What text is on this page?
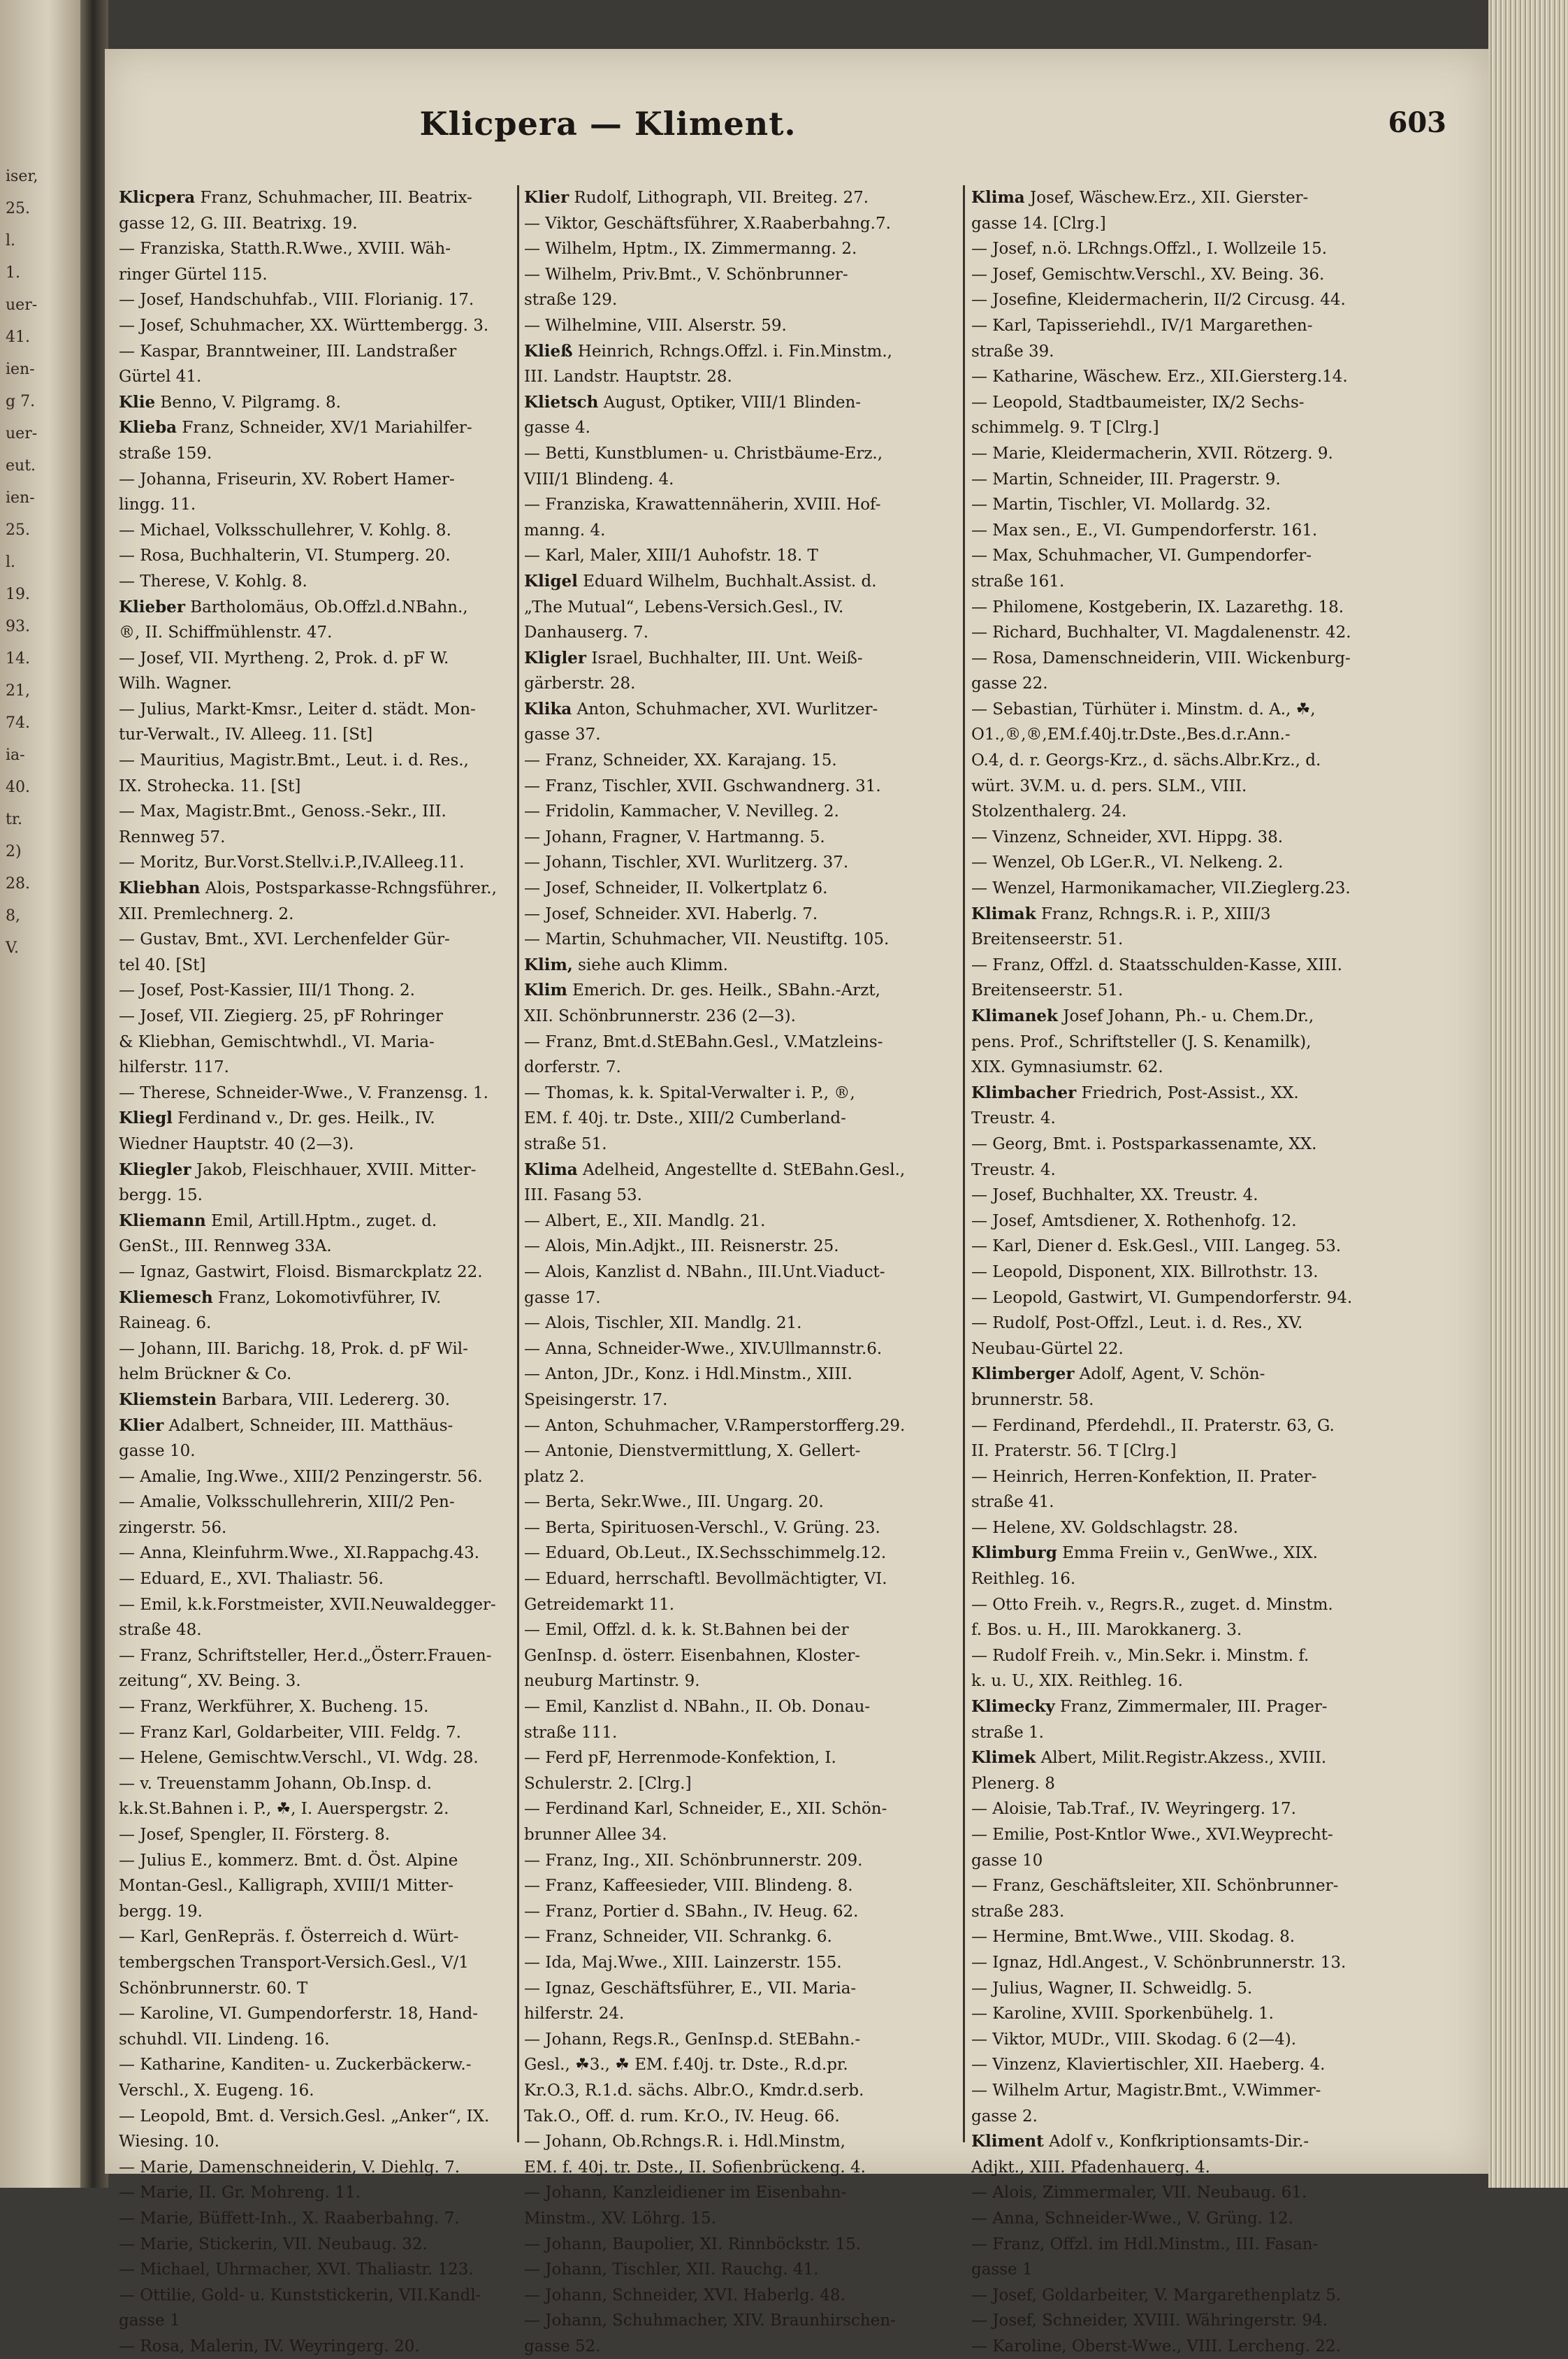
iser,
25.
l.
1.
uer-
41.
ien-
g 7.
uer-
eut.
ien-
25.
l.
19.
93.
14.
21,
74.
ia-
40.
tr.
2)
28.
8,
V.
Klicpera — Kliment.	603
Klicpera Franz, Schuhmacher, III. Beatrix-
gasse 12, G. III. Beatrixg. 19.
— Franziska, Statth.R.Wwe., XVIII. Wäh-
ringer Gürtel 115.
— Josef, Handschuhfab., VIII. Florianig. 17.
— Josef, Schuhmacher, XX. Württembergg. 3.
— Kaspar, Branntweiner, III. Landstraßer
Gürtel 41.
Klie Benno, V. Pilgramg. 8.
Klieba Franz, Schneider, XV/1 Mariahilfer-
straße 159.
— Johanna, Friseurin, XV. Robert Hamer-
lingg. 11.
— Michael, Volksschullehrer, V. Kohlg. 8.
— Rosa, Buchhalterin, VI. Stumperg. 20.
— Therese, V. Kohlg. 8.
Klieber Bartholomäus, Ob.Offzl.d.NBahn.,
®, II. Schiffmühlenstr. 47.
— Josef, VII. Myrtheng. 2, Prok. d. pF W.
Wilh. Wagner.
— Julius, Markt-Kmsr., Leiter d. städt. Mon-
tur-Verwalt., IV. Alleeg. 11. [St]
— Mauritius, Magistr.Bmt., Leut. i. d. Res.,
IX. Strohecka. 11. [St]
— Max, Magistr.Bmt., Genoss.-Sekr., III.
Rennweg 57.
— Moritz, Bur.Vorst.Stellv.i.P.,IV.Alleeg.11.
Kliebhan Alois, Postsparkasse-Rchngsführer.,
XII. Premlechnerg. 2.
— Gustav, Bmt., XVI. Lerchenfelder Gür-
tel 40. [St]
— Josef, Post-Kassier, III/1 Thong. 2.
— Josef, VII. Ziegierg. 25, pF Rohringer
& Kliebhan, Gemischtwhdl., VI. Maria-
hilferstr. 117.
— Therese, Schneider-Wwe., V. Franzensg. 1.
Kliegl Ferdinand v., Dr. ges. Heilk., IV.
Wiedner Hauptstr. 40 (2—3).
Kliegler Jakob, Fleischhauer, XVIII. Mitter-
bergg. 15.
Kliemann Emil, Artill.Hptm., zuget. d.
GenSt., III. Rennweg 33A.
— Ignaz, Gastwirt, Floisd. Bismarckplatz 22.
Kliemesch Franz, Lokomotivführer, IV.
Raineag. 6.
— Johann, III. Barichg. 18, Prok. d. pF Wil-
helm Brückner & Co.
Kliemstein Barbara, VIII. Ledererg. 30.
Klier Adalbert, Schneider, III. Matthäus-
gasse 10.
— Amalie, Ing.Wwe., XIII/2 Penzingerstr. 56.
— Amalie, Volksschullehrerin, XIII/2 Pen-
zingerstr. 56.
— Anna, Kleinfuhrm.Wwe., XI.Rappachg.43.
— Eduard, E., XVI. Thaliastr. 56.
— Emil, k.k.Forstmeister, XVII.Neuwaldegger-
straße 48.
— Franz, Schriftsteller, Her.d.„Österr.Frauen-
zeitung“, XV. Being. 3.
— Franz, Werkführer, X. Bucheng. 15.
— Franz Karl, Goldarbeiter, VIII. Feldg. 7.
— Helene, Gemischtw.Verschl., VI. Wdg. 28.
— v. Treuenstamm Johann, Ob.Insp. d.
k.k.St.Bahnen i. P., ☘, I. Auerspergstr. 2.
— Josef, Spengler, II. Försterg. 8.
— Julius E., kommerz. Bmt. d. Öst. Alpine
Montan-Gesl., Kalligraph, XVIII/1 Mitter-
bergg. 19.
— Karl, GenRepräs. f. Österreich d. Würt-
tembergschen Transport-Versich.Gesl., V/1
Schönbrunnerstr. 60. T
— Karoline, VI. Gumpendorferstr. 18, Hand-
schuhdl. VII. Lindeng. 16.
— Katharine, Kanditen- u. Zuckerbäckerw.-
Verschl., X. Eugeng. 16.
— Leopold, Bmt. d. Versich.Gesl. „Anker“, IX.
Wiesing. 10.
— Marie, Damenschneiderin, V. Diehlg. 7.
— Marie, II. Gr. Mohreng. 11.
— Marie, Büffett-Inh., X. Raaberbahng. 7.
— Marie, Stickerin, VII. Neubaug. 32.
— Michael, Uhrmacher, XVI. Thaliastr. 123.
— Ottilie, Gold- u. Kunststickerin, VII.Kandl-
gasse 1
— Rosa, Malerin, IV. Weyringerg. 20.
Klier Rudolf, Lithograph, VII. Breiteg. 27.
— Viktor, Geschäftsführer, X.Raaberbahng.7.
— Wilhelm, Hptm., IX. Zimmermanng. 2.
— Wilhelm, Priv.Bmt., V. Schönbrunner-
straße 129.
— Wilhelmine, VIII. Alserstr. 59.
Kließ Heinrich, Rchngs.Offzl. i. Fin.Minstm.,
III. Landstr. Hauptstr. 28.
Klietsch August, Optiker, VIII/1 Blinden-
gasse 4.
— Betti, Kunstblumen- u. Christbäume-Erz.,
VIII/1 Blindeng. 4.
— Franziska, Krawattennäherin, XVIII. Hof-
manng. 4.
— Karl, Maler, XIII/1 Auhofstr. 18. T
Kligel Eduard Wilhelm, Buchhalt.Assist. d.
„The Mutual“, Lebens-Versich.Gesl., IV.
Danhauserg. 7.
Kligler Israel, Buchhalter, III. Unt. Weiß-
gärberstr. 28.
Klika Anton, Schuhmacher, XVI. Wurlitzer-
gasse 37.
— Franz, Schneider, XX. Karajang. 15.
— Franz, Tischler, XVII. Gschwandnerg. 31.
— Fridolin, Kammacher, V. Nevilleg. 2.
— Johann, Fragner, V. Hartmanng. 5.
— Johann, Tischler, XVI. Wurlitzerg. 37.
— Josef, Schneider, II. Volkertplatz 6.
— Josef, Schneider. XVI. Haberlg. 7.
— Martin, Schuhmacher, VII. Neustiftg. 105.
Klim, siehe auch Klimm.
Klim Emerich. Dr. ges. Heilk., SBahn.-Arzt,
XII. Schönbrunnerstr. 236 (2—3).
— Franz, Bmt.d.StEBahn.Gesl., V.Matzleins-
dorferstr. 7.
— Thomas, k. k. Spital-Verwalter i. P., ®,
EM. f. 40j. tr. Dste., XIII/2 Cumberland-
straße 51.
Klima Adelheid, Angestellte d. StEBahn.Gesl.,
III. Fasang 53.
— Albert, E., XII. Mandlg. 21.
— Alois, Min.Adjkt., III. Reisnerstr. 25.
— Alois, Kanzlist d. NBahn., III.Unt.Viaduct-
gasse 17.
— Alois, Tischler, XII. Mandlg. 21.
— Anna, Schneider-Wwe., XIV.Ullmannstr.6.
— Anton, JDr., Konz. i Hdl.Minstm., XIII.
Speisingerstr. 17.
— Anton, Schuhmacher, V.Ramperstorfferg.29.
— Antonie, Dienstvermittlung, X. Gellert-
platz 2.
— Berta, Sekr.Wwe., III. Ungarg. 20.
— Berta, Spirituosen-Verschl., V. Grüng. 23.
— Eduard, Ob.Leut., IX.Sechsschimmelg.12.
— Eduard, herrschaftl. Bevollmächtigter, VI.
Getreidemarkt 11.
— Emil, Offzl. d. k. k. St.Bahnen bei der
GenInsp. d. österr. Eisenbahnen, Kloster-
neuburg Martinstr. 9.
— Emil, Kanzlist d. NBahn., II. Ob. Donau-
straße 111.
— Ferd pF, Herrenmode-Konfektion, I.
Schulerstr. 2. [Clrg.]
— Ferdinand Karl, Schneider, E., XII. Schön-
brunner Allee 34.
— Franz, Ing., XII. Schönbrunnerstr. 209.
— Franz, Kaffeesieder, VIII. Blindeng. 8.
— Franz, Portier d. SBahn., IV. Heug. 62.
— Franz, Schneider, VII. Schrankg. 6.
— Ida, Maj.Wwe., XIII. Lainzerstr. 155.
— Ignaz, Geschäftsführer, E., VII. Maria-
hilferstr. 24.
— Johann, Regs.R., GenInsp.d. StEBahn.-
Gesl., ☘3., ☘ EM. f.40j. tr. Dste., R.d.pr.
Kr.O.3, R.1.d. sächs. Albr.O., Kmdr.d.serb.
Tak.O., Off. d. rum. Kr.O., IV. Heug. 66.
— Johann, Ob.Rchngs.R. i. Hdl.Minstm,
EM. f. 40j. tr. Dste., II. Sofienbrückeng. 4.
— Johann, Kanzleidiener im Eisenbahn-
Minstm., XV. Löhrg. 15.
— Johann, Baupolier, XI. Rinnböckstr. 15.
— Johann, Tischler, XII. Rauchg. 41.
— Johann, Schneider, XVI. Haberlg. 48.
— Johann, Schuhmacher, XIV. Braunhirschen-
gasse 52.
Klima Josef, Wäschew.Erz., XII. Gierster-
gasse 14. [Clrg.]
— Josef, n.ö. LRchngs.Offzl., I. Wollzeile 15.
— Josef, Gemischtw.Verschl., XV. Being. 36.
— Josefine, Kleidermacherin, II/2 Circusg. 44.
— Karl, Tapisseriehdl., IV/1 Margarethen-
straße 39.
— Katharine, Wäschew. Erz., XII.Giersterg.14.
— Leopold, Stadtbaumeister, IX/2 Sechs-
schimmelg. 9. T [Clrg.]
— Marie, Kleidermacherin, XVII. Rötzerg. 9.
— Martin, Schneider, III. Pragerstr. 9.
— Martin, Tischler, VI. Mollardg. 32.
— Max sen., E., VI. Gumpendorferstr. 161.
— Max, Schuhmacher, VI. Gumpendorfer-
straße 161.
— Philomene, Kostgeberin, IX. Lazarethg. 18.
— Richard, Buchhalter, VI. Magdalenenstr. 42.
— Rosa, Damenschneiderin, VIII. Wickenburg-
gasse 22.
— Sebastian, Türhüter i. Minstm. d. A., ☘,
O1.,®,®,EM.f.40j.tr.Dste.,Bes.d.r.Ann.-
O.4, d. r. Georgs-Krz., d. sächs.Albr.Krz., d.
würt. 3V.M. u. d. pers. SLM., VIII.
Stolzenthalerg. 24.
— Vinzenz, Schneider, XVI. Hippg. 38.
— Wenzel, Ob LGer.R., VI. Nelkeng. 2.
— Wenzel, Harmonikamacher, VII.Zieglerg.23.
Klimak Franz, Rchngs.R. i. P., XIII/3
Breitenseerstr. 51.
— Franz, Offzl. d. Staatsschulden-Kasse, XIII.
Breitenseerstr. 51.
Klimanek Josef Johann, Ph.- u. Chem.Dr.,
pens. Prof., Schriftsteller (J. S. Kenamilk),
XIX. Gymnasiumstr. 62.
Klimbacher Friedrich, Post-Assist., XX.
Treustr. 4.
— Georg, Bmt. i. Postsparkassenamte, XX.
Treustr. 4.
— Josef, Buchhalter, XX. Treustr. 4.
— Josef, Amtsdiener, X. Rothenhofg. 12.
— Karl, Diener d. Esk.Gesl., VIII. Langeg. 53.
— Leopold, Disponent, XIX. Billrothstr. 13.
— Leopold, Gastwirt, VI. Gumpendorferstr. 94.
— Rudolf, Post-Offzl., Leut. i. d. Res., XV.
Neubau-Gürtel 22.
Klimberger Adolf, Agent, V. Schön-
brunnerstr. 58.
— Ferdinand, Pferdehdl., II. Praterstr. 63, G.
II. Praterstr. 56. T [Clrg.]
— Heinrich, Herren-Konfektion, II. Prater-
straße 41.
— Helene, XV. Goldschlagstr. 28.
Klimburg Emma Freiin v., GenWwe., XIX.
Reithleg. 16.
— Otto Freih. v., Regrs.R., zuget. d. Minstm.
f. Bos. u. H., III. Marokkanerg. 3.
— Rudolf Freih. v., Min.Sekr. i. Minstm. f.
k. u. U., XIX. Reithleg. 16.
Klimecky Franz, Zimmermaler, III. Prager-
straße 1.
Klimek Albert, Milit.Registr.Akzess., XVIII.
Plenerg. 8
— Aloisie, Tab.Traf., IV. Weyringerg. 17.
— Emilie, Post-Kntlor Wwe., XVI.Weyprecht-
gasse 10
— Franz, Geschäftsleiter, XII. Schönbrunner-
straße 283.
— Hermine, Bmt.Wwe., VIII. Skodag. 8.
— Ignaz, Hdl.Angest., V. Schönbrunnerstr. 13.
— Julius, Wagner, II. Schweidlg. 5.
— Karoline, XVIII. Sporkenbühelg. 1.
— Viktor, MUDr., VIII. Skodag. 6 (2—4).
— Vinzenz, Klaviertischler, XII. Haeberg. 4.
— Wilhelm Artur, Magistr.Bmt., V.Wimmer-
gasse 2.
Kliment Adolf v., Konfkriptionsamts-Dir.-
Adjkt., XIII. Pfadenhauerg. 4.
— Alois, Zimmermaler, VII. Neubaug. 61.
— Anna, Schneider-Wwe., V. Grüng. 12.
— Franz, Offzl. im Hdl.Minstm., III. Fasan-
gasse 1
— Josef, Goldarbeiter, V. Margarethenplatz 5.
— Josef, Schneider, XVIII. Währingerstr. 94.
— Karoline, Oberst-Wwe., VIII. Lercheng. 22.
